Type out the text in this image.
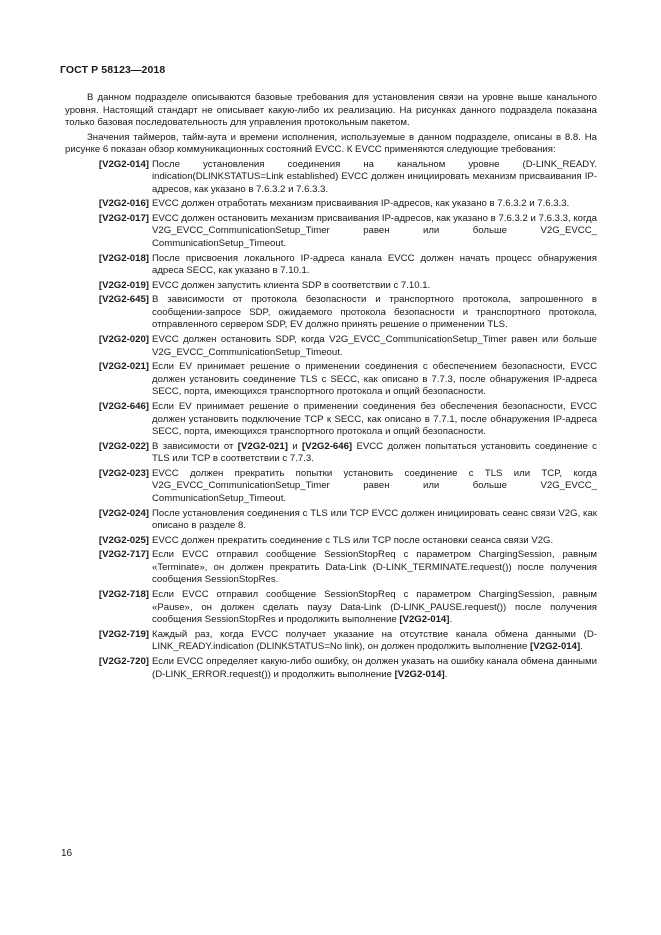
ГОСТ Р 58123—2018

В данном подразделе описываются базовые требования для установления связи на уровне выше канального уровня. Настоящий стандарт не описывает какую-либо их реализацию. На рисунках данного подраздела показана только базовая последовательность для управления протокольным пакетом.

Значения таймеров, тайм-аута и времени исполнения, используемые в данном подразделе, описаны в 8.8. На рисунке 6 показан обзор коммуникационных состояний EVCC. К EVCC применяются следующие требования:

[V2G2-014] После установления соединения на канальном уровне (D-LINK_READY. indication(DLINKSTATUS=Link established) EVCC должен инициировать механизм присваивания IP-адресов, как указано в 7.6.3.2 и 7.6.3.3.
[V2G2-016] EVCC должен отработать механизм присваивания IP-адресов, как указано в 7.6.3.2 и 7.6.3.3.
[V2G2-017] EVCC должен остановить механизм присваивания IP-адресов, как указано в 7.6.3.2 и 7.6.3.3, когда V2G_EVCC_CommunicationSetup_Timer равен или больше V2G_EVCC_ CommunicationSetup_Timeout.
[V2G2-018] После присвоения локального IP-адреса канала EVCC должен начать процесс обнаружения адреса SECC, как указано в 7.10.1.
[V2G2-019] EVCC должен запустить клиента SDP в соответствии с 7.10.1.
[V2G2-645] В зависимости от протокола безопасности и транспортного протокола, запрошенного в сообщении-запросе SDP, ожидаемого протокола безопасности и транспортного протокола, отправленного сервером SDP, EV должно принять решение о применении TLS.
[V2G2-020] EVCC должен остановить SDP, когда V2G_EVCC_CommunicationSetup_Timer равен или больше V2G_EVCC_CommunicationSetup_Timeout.
[V2G2-021] Если EV принимает решение о применении соединения с обеспечением безопасности, EVCC должен установить соединение TLS с SECC, как описано в 7.7.3, после обнаружения IP-адреса SECC, порта, имеющихся транспортного протокола и опций безопасности.
[V2G2-646] Если EV принимает решение о применении соединения без обеспечения безопасности, EVCC должен установить подключение TCP к SECC, как описано в 7.7.1, после обнаружения IP-адреса SECC, порта, имеющихся транспортного протокола и опций безопасности.
[V2G2-022] В зависимости от [V2G2-021] и [V2G2-646] EVCC должен попытаться установить соединение с TLS или TCP в соответствии с 7.7.3.
[V2G2-023] EVCC должен прекратить попытки установить соединение с TLS или TCP, когда V2G_EVCC_CommunicationSetup_Timer равен или больше V2G_EVCC_ CommunicationSetup_Timeout.
[V2G2-024] После установления соединения с TLS или TCP EVCC должен инициировать сеанс связи V2G, как описано в разделе 8.
[V2G2-025] EVCC должен прекратить соединение с TLS или TCP после остановки сеанса связи V2G.
[V2G2-717] Если EVCC отправил сообщение SessionStopReq с параметром ChargingSession, равным «Terminate», он должен прекратить Data-Link (D-LINK_TERMINATE.request()) после получения сообщения SessionStopRes.
[V2G2-718] Если EVCC отправил сообщение SessionStopReq с параметром ChargingSession, равным «Pause», он должен сделать паузу Data-Link (D-LINK_PAUSE.request()) после получения сообщения SessionStopRes и продолжить выполнение [V2G2-014].
[V2G2-719] Каждый раз, когда EVCC получает указание на отсутствие канала обмена данными (D-LINK_READY.indication (DLINKSTATUS=No link), он должен продолжить выполнение [V2G2-014].
[V2G2-720] Если EVCC определяет какую-либо ошибку, он должен указать на ошибку канала обмена данными (D-LINK_ERROR.request()) и продолжить выполнение [V2G2-014].
16
